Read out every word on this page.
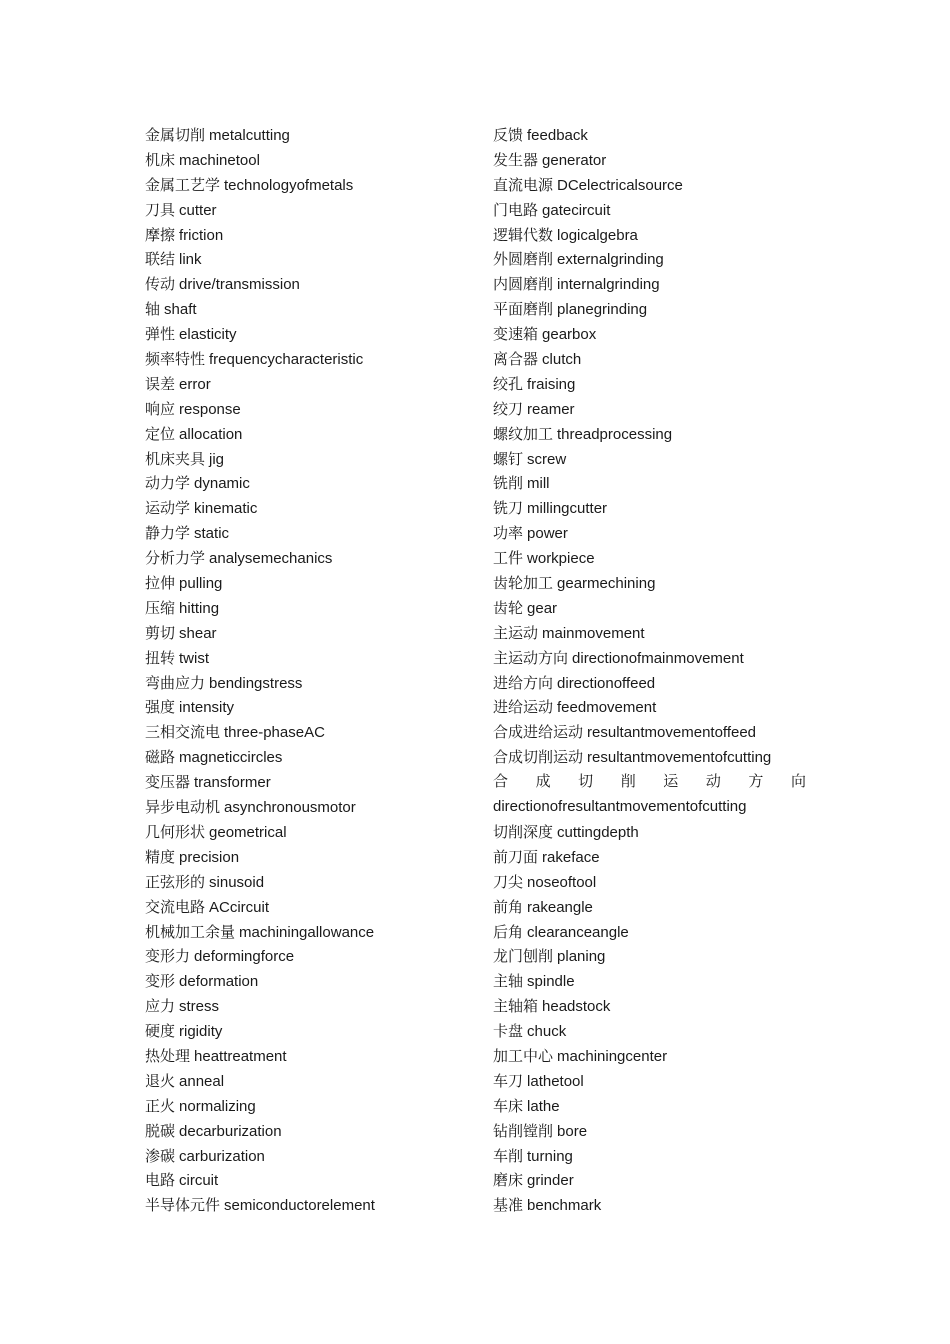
金属切削 metalcutting
机床 machinetool
金属工艺学 technologyofmetals
刀具 cutter
摩擦 friction
联结 link
传动 drive/transmission
轴 shaft
弹性 elasticity
频率特性 frequencycharacteristic
误差 error
响应 response
定位 allocation
机床夹具 jig
动力学 dynamic
运动学 kinematic
静力学 static
分析力学 analysemechanics
拉伸 pulling
压缩 hitting
剪切 shear
扭转 twist
弯曲应力 bendingstress
强度 intensity
三相交流电 three-phaseAC
磁路 magneticcircles
变压器 transformer
异步电动机 asynchronousmotor
几何形状 geometrical
精度 precision
正弦形的 sinusoid
交流电路 ACcircuit
机械加工余量 machiningallowance
变形力 deformingforce
变形 deformation
应力 stress
硬度 rigidity
热处理 heattreatment
退火 anneal
正火 normalizing
脱碳 decarburization
渗碳 carburization
电路 circuit
半导体元件 semiconductorelement
反馈 feedback
发生器 generator
直流电源 DCelectricalsource
门电路 gatecircuit
逻辑代数 logicalgebra
外圆磨削 externalgrinding
内圆磨削 internalgrinding
平面磨削 planegrinding
变速箱 gearbox
离合器 clutch
绞孔 fraising
绞刀 reamer
螺纹加工 threadprocessing
螺钉 screw
铣削 mill
铣刀 millingcutter
功率 power
工件 workpiece
齿轮加工 gearmechining
齿轮 gear
主运动 mainmovement
主运动方向 directionofmainmovement
进给方向 directionoffeed
进给运动 feedmovement
合成进给运动 resultantmovementoffeed
合成切削运动 resultantmovementofcutting
合 成 切 削 运 动 方 向
directionofresultantmovementofcutting
切削深度 cuttingdepth
前刀面 rakeface
刀尖 noseoftool
前角 rakeangle
后角 clearanceangle
龙门刨削 planing
主轴 spindle
主轴箱 headstock
卡盘 chuck
加工中心 machiningcenter
车刀 lathetool
车床 lathe
钻削镗削 bore
车削 turning
磨床 grinder
基准 benchmark
